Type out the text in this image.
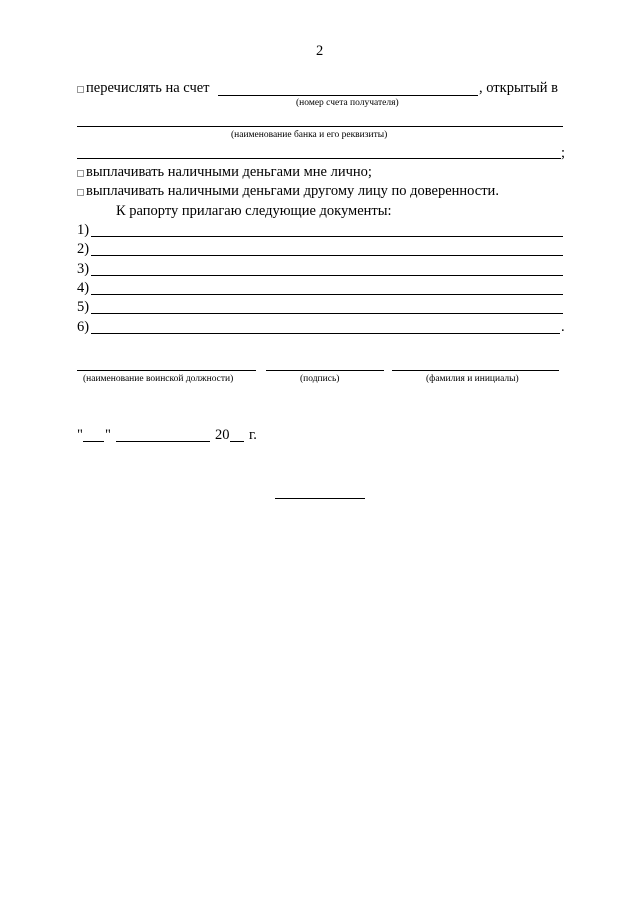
2
перечислять на счет	, открытый в
(номер счета получателя)
(наименование банка и его реквизиты)
;
выплачивать наличными деньгами мне лично;
выплачивать наличными деньгами другому лицу по доверенности.
К рапорту прилагаю следующие документы:
1)
2)
3)
4)
5)
6)	.
(наименование воинской должности)	(подпись)	(фамилия и инициалы)
" "	20 г.
